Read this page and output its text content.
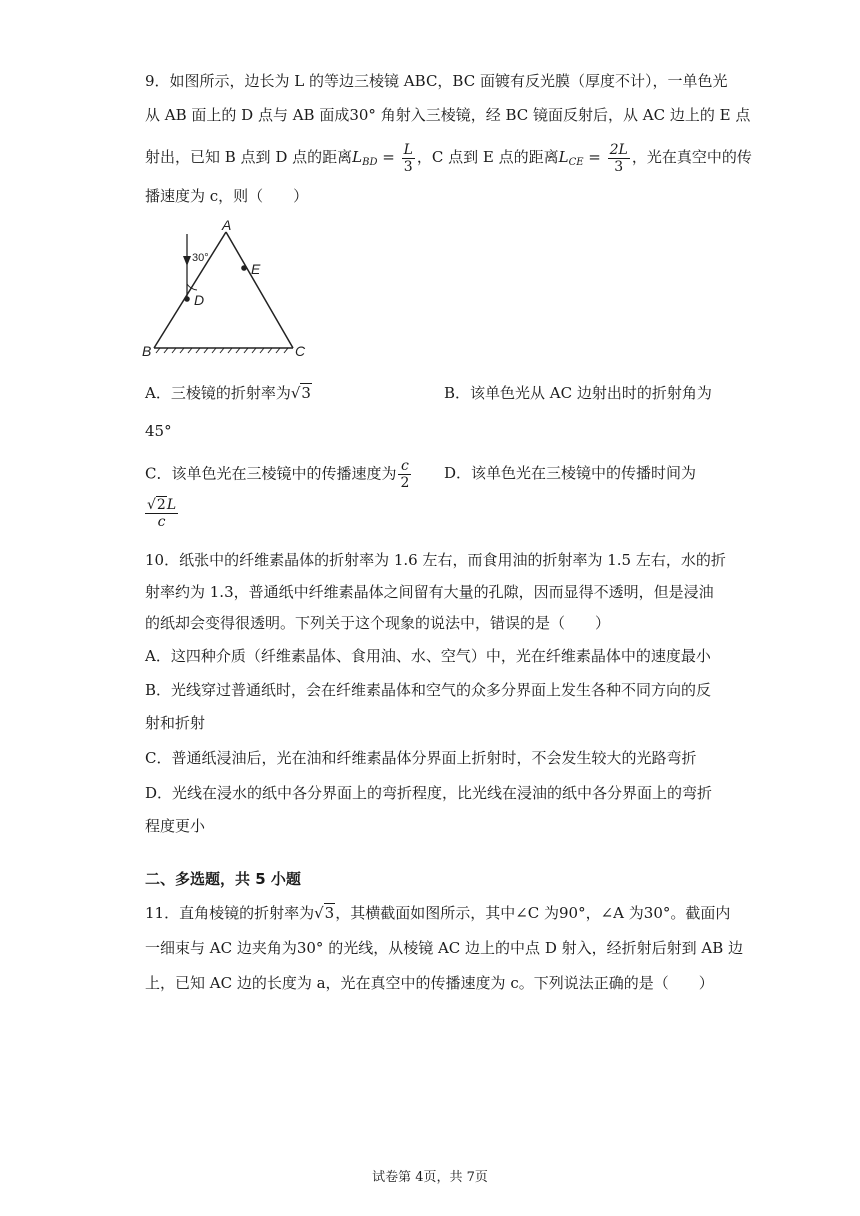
9．如图所示，边长为 L 的等边三棱镜 ABC，BC 面镀有反光膜（厚度不计），一单色光
从 AB 面上的 D 点与 AB 面成30° 角射入三棱镜，经 BC 镜面反射后，从 AC 边上的 E 点
射出，已知 B 点到 D 点的距离$L_{BD} = \frac{L}{3}$ ，C 点到 E 点的距离$L_{CE} = \frac{2L}{3}$ ，光在真空中的传
播速度为 c，则（　　）
A
B	C
D
E
30°
A．三棱镜的折射率为√3	B．该单色光从 AC 边射出时的折射角为
45°
C．该单色光在三棱镜中的传播速度为 $\frac{c}{2}$ D．该单色光在三棱镜中的传播时间为
$\frac{√2L}{c}$
10．纸张中的纤维素晶体的折射率为 1.6 左右，而食用油的折射率为 1.5 左右，水的折
射率约为 1.3，普通纸中纤维素晶体之间留有大量的孔隙，因而显得不透明，但是浸油
的纸却会变得很透明。下列关于这个现象的说法中，错误的是（　　）
A．这四种介质（纤维素晶体、食用油、水、空气）中，光在纤维素晶体中的速度最小
B．光线穿过普通纸时，会在纤维素晶体和空气的众多分界面上发生各种不同方向的反
射和折射
C．普通纸浸油后，光在油和纤维素晶体分界面上折射时，不会发生较大的光路弯折
D．光线在浸水的纸中各分界面上的弯折程度，比光线在浸油的纸中各分界面上的弯折
程度更小
二、多选题，共 5 小题
11．直角棱镜的折射率为√3，其横截面如图所示，其中∠C 为90°，∠A 为30°。截面内
一细束与 AC 边夹角为30° 的光线，从棱镜 AC 边上的中点 D 射入，经折射后射到 AB 边
上，已知 AC 边的长度为 a，光在真空中的传播速度为 c。下列说法正确的是（　　）
试卷第 4页，共 7页
